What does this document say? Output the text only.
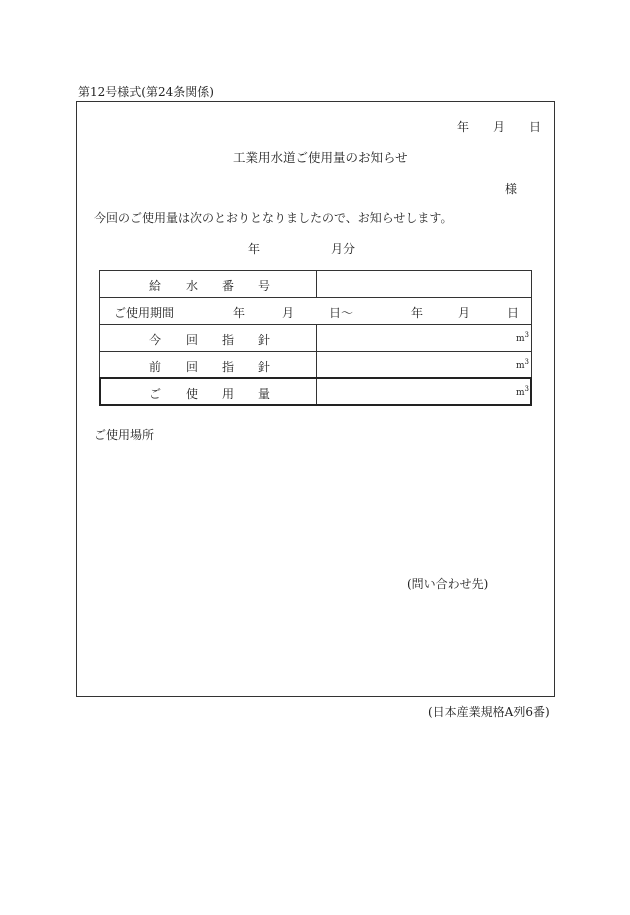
第12号様式(第24条関係)
年 月 日
工業用水道ご使用量のお知らせ
様
今回のご使用量は次のとおりとなりましたので、お知らせします。
年	月分
給 水 番 号
ご使用期間	年	月	日〜	年	月	日
今 回 指 針	$m^3$
前 回 指 針	$m^3$
ご 使 用 量	$m^3$
ご使用場所
(問い合わせ先)
(日本産業規格A列6番)
